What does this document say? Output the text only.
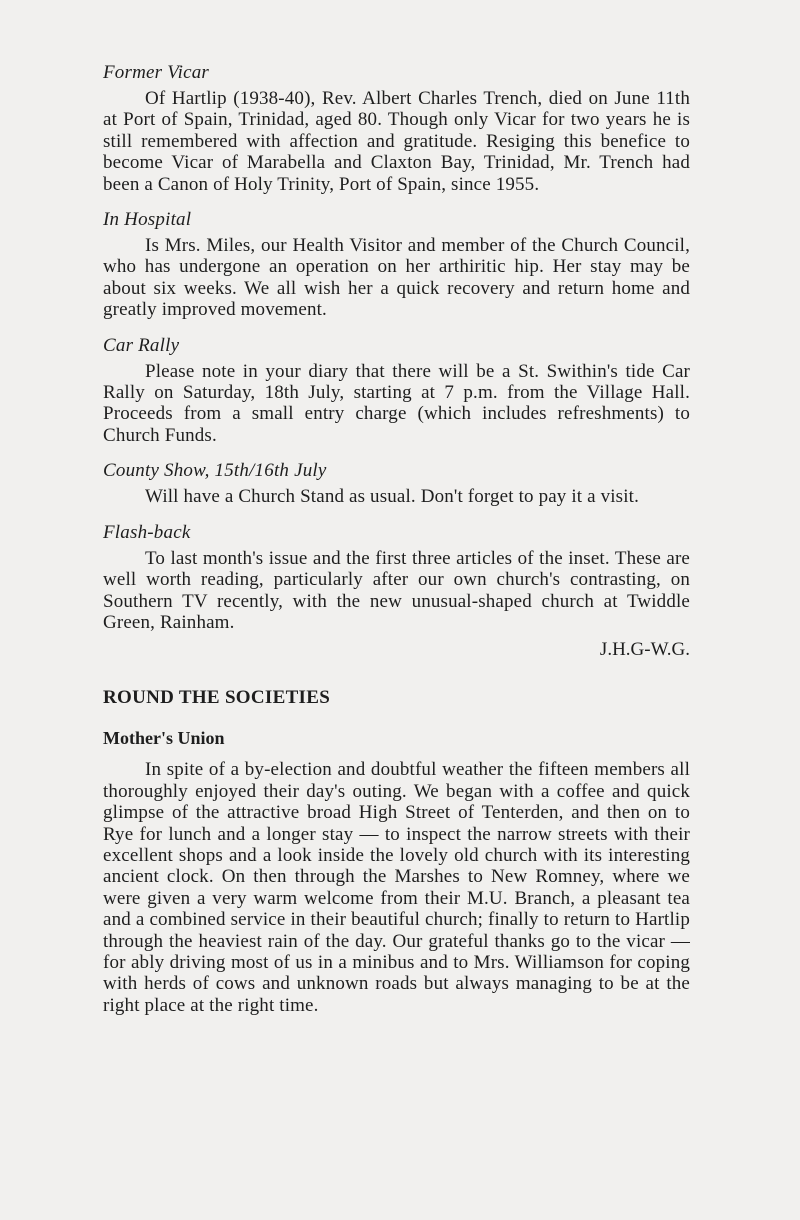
Former Vicar

Of Hartlip (1938-40), Rev. Albert Charles Trench, died on June 11th at Port of Spain, Trinidad, aged 80. Though only Vicar for two years he is still remembered with affection and gratitude. Resiging this benefice to become Vicar of Marabella and Claxton Bay, Trinidad, Mr. Trench had been a Canon of Holy Trinity, Port of Spain, since 1955.

In Hospital

Is Mrs. Miles, our Health Visitor and member of the Church Council, who has undergone an operation on her arthiritic hip. Her stay may be about six weeks. We all wish her a quick recovery and return home and greatly improved movement.

Car Rally

Please note in your diary that there will be a St. Swithin's tide Car Rally on Saturday, 18th July, starting at 7 p.m. from the Village Hall. Proceeds from a small entry charge (which includes refreshments) to Church Funds.

County Show, 15th/16th July

Will have a Church Stand as usual. Don't forget to pay it a visit.

Flash-back

To last month's issue and the first three articles of the inset. These are well worth reading, particularly after our own church's contrasting, on Southern TV recently, with the new unusual-shaped church at Twiddle Green, Rainham.

J.H.G-W.G.
ROUND THE SOCIETIES
Mother's Union

In spite of a by-election and doubtful weather the fifteen members all thoroughly enjoyed their day's outing. We began with a coffee and quick glimpse of the attractive broad High Street of Tenterden, and then on to Rye for lunch and a longer stay — to inspect the narrow streets with their excellent shops and a look inside the lovely old church with its interesting ancient clock. On then through the Marshes to New Romney, where we were given a very warm welcome from their M.U. Branch, a pleasant tea and a combined service in their beautiful church; finally to return to Hartlip through the heaviest rain of the day. Our grateful thanks go to the vicar — for ably driving most of us in a minibus and to Mrs. Williamson for coping with herds of cows and unknown roads but always managing to be at the right place at the right time.
